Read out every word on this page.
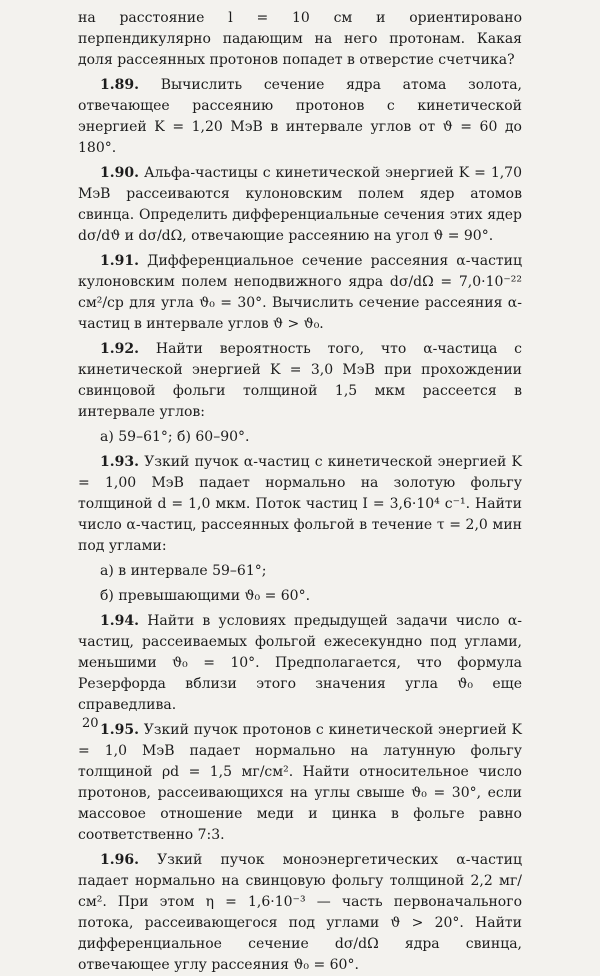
на расстояние l = 10 см и ориентировано перпендикулярно падающим на него протонам. Какая доля рассеянных протонов попадет в отверстие счетчика?

1.89. Вычислить сечение ядра атома золота, отвечающее рассеянию протонов с кинетической энергией K = 1,20 МэВ в интервале углов от ϑ = 60 до 180°.

1.90. Альфа-частицы с кинетической энергией K = 1,70 МэВ рассеиваются кулоновским полем ядер атомов свинца. Определить дифференциальные сечения этих ядер dσ/dϑ и dσ/dΩ, отвечающие рассеянию на угол ϑ = 90°.

1.91. Дифференциальное сечение рассеяния α-частиц кулоновским полем неподвижного ядра dσ/dΩ = 7,0·10⁻²² см²/ср для угла ϑ₀ = 30°. Вычислить сечение рассеяния α-частиц в интервале углов ϑ > ϑ₀.

1.92. Найти вероятность того, что α-частица с кинетической энергией K = 3,0 МэВ при прохождении свинцовой фольги толщиной 1,5 мкм рассеется в интервале углов:

а) 59–61°; б) 60–90°.

1.93. Узкий пучок α-частиц с кинетической энергией K = 1,00 МэВ падает нормально на золотую фольгу толщиной d = 1,0 мкм. Поток частиц I = 3,6·10⁴ с⁻¹. Найти число α-частиц, рассеянных фольгой в течение τ = 2,0 мин под углами:

а) в интервале 59–61°;

б) превышающими ϑ₀ = 60°.

1.94. Найти в условиях предыдущей задачи число α-частиц, рассеиваемых фольгой ежесекундно под углами, меньшими ϑ₀ = 10°. Предполагается, что формула Резерфорда вблизи этого значения угла ϑ₀ еще справедлива.

1.95. Узкий пучок протонов с кинетической энергией K = 1,0 МэВ падает нормально на латунную фольгу толщиной ρd = 1,5 мг/см². Найти относительное число протонов, рассеивающихся на углы свыше ϑ₀ = 30°, если массовое отношение меди и цинка в фольге равно соответственно 7:3.

1.96. Узкий пучок моноэнергетических α-частиц падает нормально на свинцовую фольгу толщиной 2,2 мг/см². При этом η = 1,6·10⁻³ — часть первоначального потока, рассеивающегося под углами ϑ > 20°. Найти дифференциальное сечение dσ/dΩ ядра свинца, отвечающее углу рассеяния ϑ₀ = 60°.

20
